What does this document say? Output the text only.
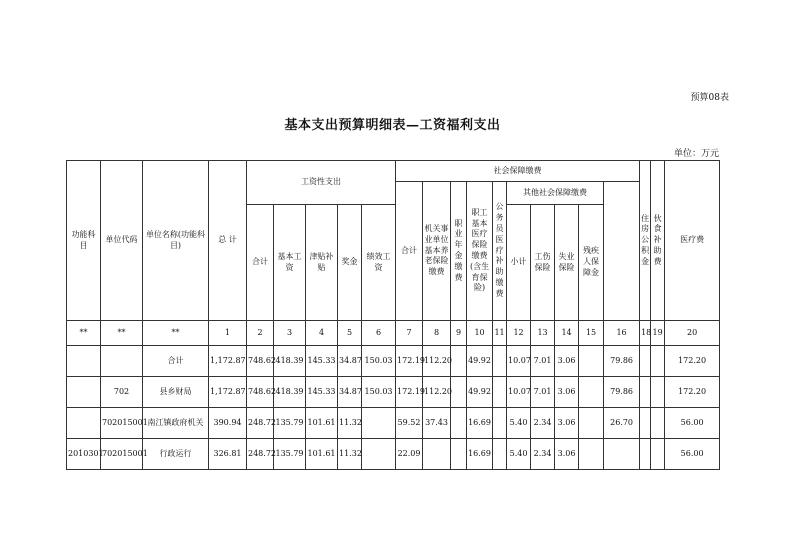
预算08表
基本支出预算明细表—工资福利支出
单位：万元
功能科目	单位代码	单位名称(功能科目)	总 计	工资性支出					社会保障缴费										住房公积金	伙食补助费	医疗费	
									合计	机关事业单位基本养老保险缴费	职业年金缴费	职工基本医疗保险缴费(含生育保险)	公务员医疗补助缴费	其他社会保障缴费							
				合计	基本工资	津贴补贴	奖金	绩效工资						小计	工伤保险	失业保险	残疾人保障金					
**	**	**	1	2	3	4	5	6	7	8	9	10	11	12	13	14	15	16	18	19	20	
		合计	1,172.87	748.62	418.39	145.33	34.87	150.03	172.19	112.20		49.92		10.07	7.01	3.06		79.86			172.20	
	702	县乡财局	1,172.87	748.62	418.39	145.33	34.87	150.03	172.19	112.20		49.92		10.07	7.01	3.06		79.86			172.20	
	702015001	南江镇政府机关	390.94	248.72	135.79	101.61	11.32		59.52	37.43		16.69		5.40	2.34	3.06		26.70			56.00	
2010301	702015001	行政运行	326.81	248.72	135.79	101.61	11.32		22.09			16.69		5.40	2.34	3.06					56.00	
